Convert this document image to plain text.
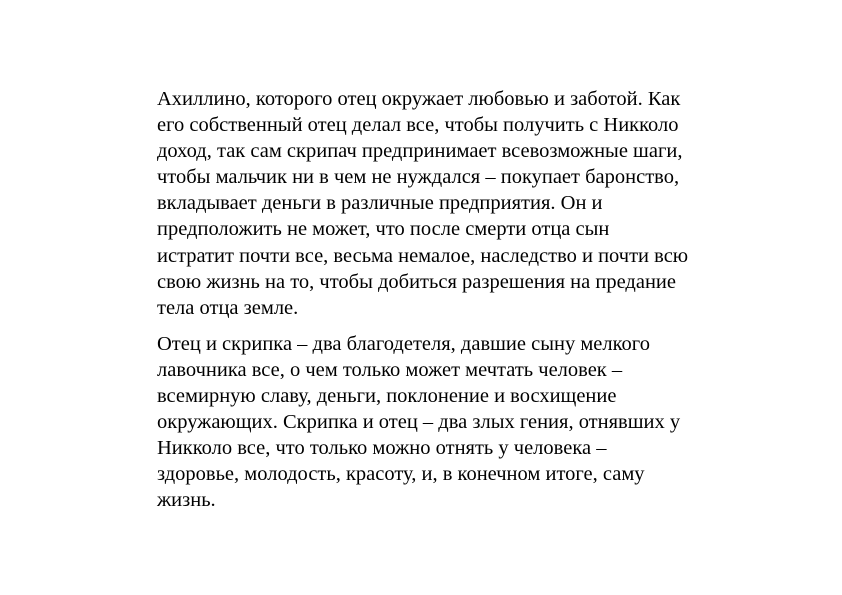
Ахиллино, которого отец окружает любовью и заботой. Как
его собственный отец делал все, чтобы получить с Никколо
доход, так сам скрипач предпринимает всевозможные шаги,
чтобы мальчик ни в чем не нуждался – покупает баронство,
вкладывает деньги в различные предприятия. Он и
предположить не может, что после смерти отца сын
истратит почти все, весьма немалое, наследство и почти всю
свою жизнь на то, чтобы добиться разрешения на предание
тела отца земле.
Отец и скрипка – два благодетеля, давшие сыну мелкого
лавочника все, о чем только может мечтать человек –
всемирную славу, деньги, поклонение и восхищение
окружающих. Скрипка и отец – два злых гения, отнявших у
Никколо все, что только можно отнять у человека –
здоровье, молодость, красоту, и, в конечном итоге, саму
жизнь.
